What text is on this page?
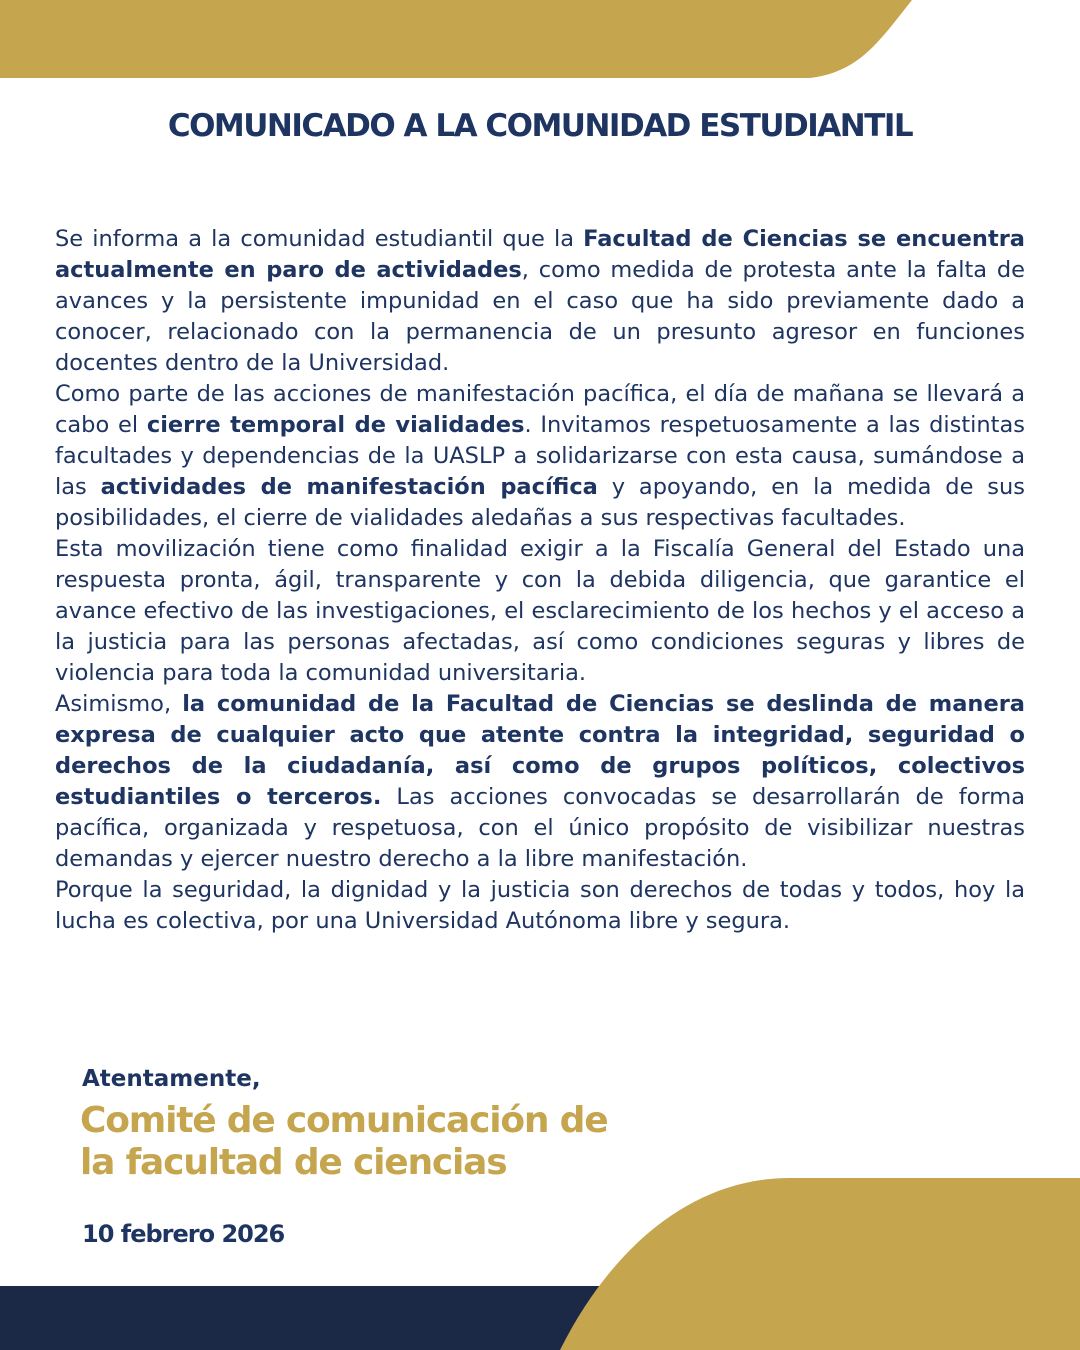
COMUNICADO A LA COMUNIDAD ESTUDIANTIL

Se informa a la comunidad estudiantil que la Facultad de Ciencias se encuentra actualmente en paro de actividades, como medida de protesta ante la falta de avances y la persistente impunidad en el caso que ha sido previamente dado a conocer, relacionado con la permanencia de un presunto agresor en funciones docentes dentro de la Universidad.

Como parte de las acciones de manifestación pacífica, el día de mañana se llevará a cabo el cierre temporal de vialidades. Invitamos respetuosamente a las distintas facultades y dependencias de la UASLP a solidarizarse con esta causa, sumándose a las actividades de manifestación pacífica y apoyando, en la medida de sus posibilidades, el cierre de vialidades aledañas a sus respectivas facultades.

Esta movilización tiene como finalidad exigir a la Fiscalía General del Estado una respuesta pronta, ágil, transparente y con la debida diligencia, que garantice el avance efectivo de las investigaciones, el esclarecimiento de los hechos y el acceso a la justicia para las personas afectadas, así como condiciones seguras y libres de violencia para toda la comunidad universitaria.

Asimismo, la comunidad de la Facultad de Ciencias se deslinda de manera expresa de cualquier acto que atente contra la integridad, seguridad o derechos de la ciudadanía, así como de grupos políticos, colectivos estudiantiles o terceros. Las acciones convocadas se desarrollarán de forma pacífica, organizada y respetuosa, con el único propósito de visibilizar nuestras demandas y ejercer nuestro derecho a la libre manifestación.

Porque la seguridad, la dignidad y la justicia son derechos de todas y todos, hoy la lucha es colectiva, por una Universidad Autónoma libre y segura.

Atentamente,
Comité de comunicación de
la facultad de ciencias
10 febrero 2026
